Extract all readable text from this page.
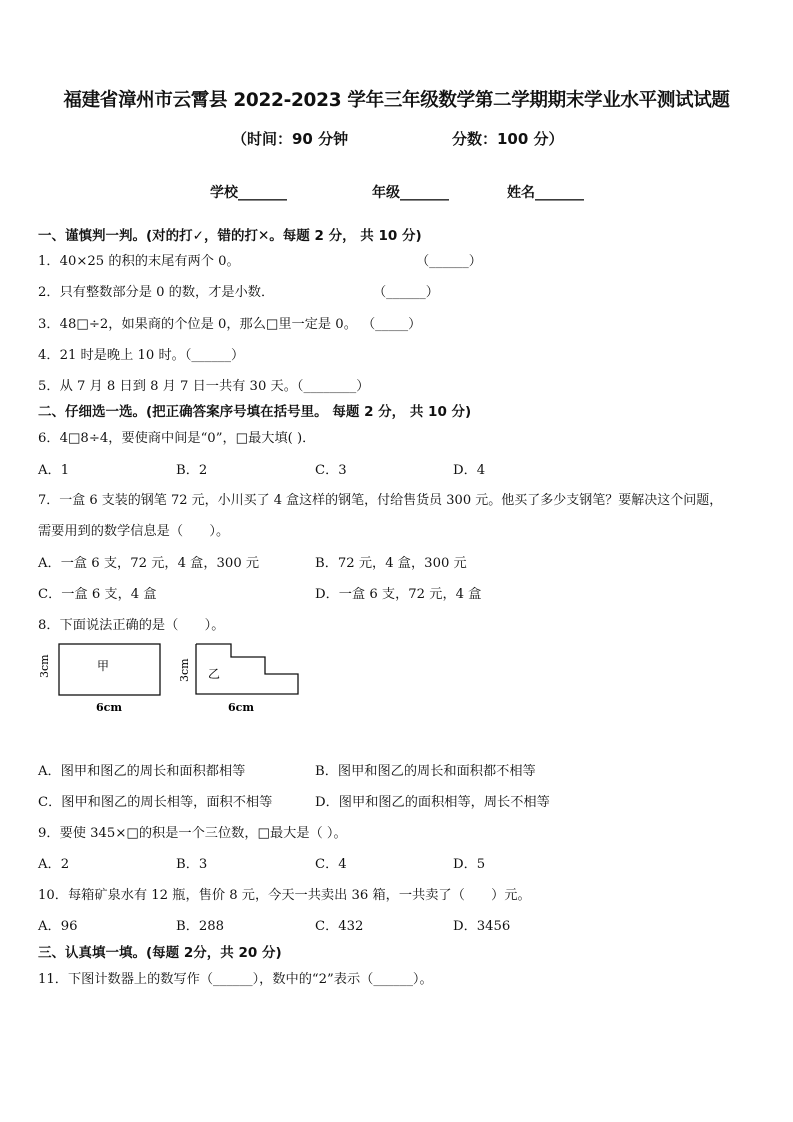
福建省漳州市云霄县 2022-2023 学年三年级数学第二学期期末学业水平测试试题
（时间：90 分钟	分数：100 分）
学校_______	年级_______	姓名_______
一、谨慎判一判。(对的打✓，错的打✕。每题 2 分， 共 10 分)
1．40×25 的积的末尾有两个 0。	（______）
2．只有整数部分是 0 的数，才是小数．	（______）
3．48□÷2，如果商的个位是 0，那么□里一定是 0。 （_____）
4．21 时是晚上 10 时。（______）
5．从 7 月 8 日到 8 月 7 日一共有 30 天。（________）
二、仔细选一选。(把正确答案序号填在括号里。 每题 2 分， 共 10 分)
6．4□8÷4，要使商中间是“0”，□最大填( )．
A．1	B．2	C．3	D．4
7．一盒 6 支装的钢笔 72 元，小川买了 4 盒这样的钢笔，付给售货员 300 元。他买了多少支钢笔？要解决这个问题，
需要用到的数学信息是（　　）。
A．一盒 6 支，72 元，4 盒，300 元	B．72 元，4 盒，300 元
C．一盒 6 支，4 盒	D．一盒 6 支，72 元，4 盒
8．下面说法正确的是（　　）。
甲
3cm
6cm
乙
3cm
6cm
A．图甲和图乙的周长和面积都相等	B．图甲和图乙的周长和面积都不相等
C．图甲和图乙的周长相等，面积不相等	D．图甲和图乙的面积相等，周长不相等
9．要使 345×□的积是一个三位数，□最大是（ ）。
A．2	B．3	C．4	D．5
10．每箱矿泉水有 12 瓶，售价 8 元，今天一共卖出 36 箱，一共卖了（　　）元。
A．96	B．288	C．432	D．3456
三、认真填一填。(每题 2分，共 20 分)
11．下图计数器上的数写作（______），数中的“2”表示（______）。
